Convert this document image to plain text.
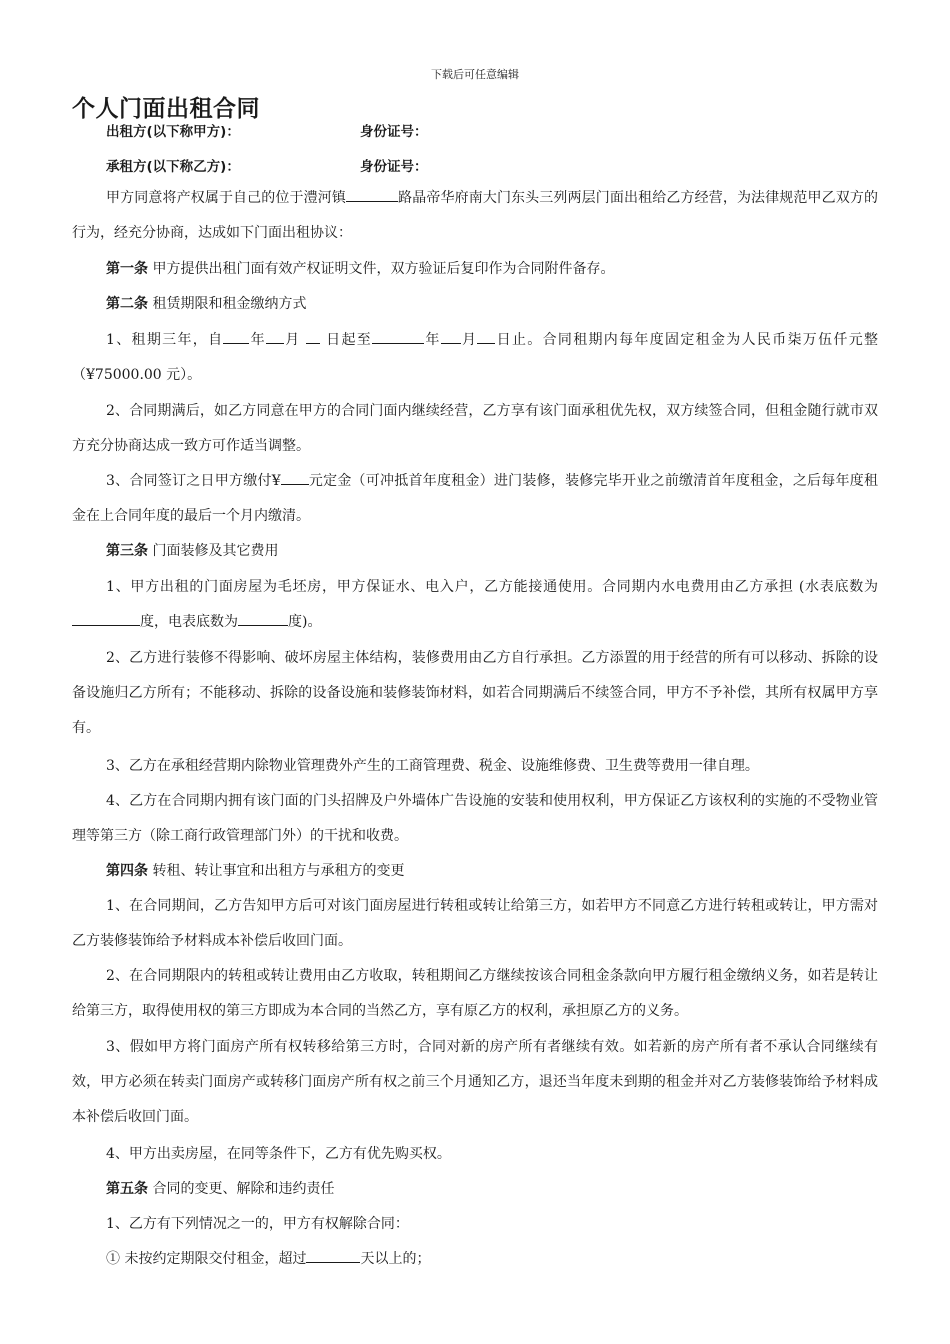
下载后可任意编辑
个人门面出租合同
出租方(以下称甲方)：	身份证号：
承租方(以下称乙方)：	身份证号：

甲方同意将产权属于自己的位于澧河镇	路晶帝华府南大门东头三列两层门面出租给乙方经营，为法律规范甲乙双方的行为，经充分协商，达成如下门面出租协议：

第一条 甲方提供出租门面有效产权证明文件，双方验证后复印作为合同附件备存。

第二条 租赁期限和租金缴纳方式

1、租期三年，自 年 月 日起至	年 月 日止。合同租期内每年度固定租金为人民币柒万伍仟元整（¥75000.00 元）。

2、合同期满后，如乙方同意在甲方的合同门面内继续经营，乙方享有该门面承租优先权，双方续签合同，但租金随行就市双方充分协商达成一致方可作适当调整。

3、合同签订之日甲方缴付¥ 元定金（可冲抵首年度租金）进门装修，装修完毕开业之前缴清首年度租金，之后每年度租金在上合同年度的最后一个月内缴清。

第三条 门面装修及其它费用

1、甲方出租的门面房屋为毛坯房，甲方保证水、电入户，乙方能接通使用。合同期内水电费用由乙方承担 (水表底数为度，电表底数为	度)。

2、乙方进行装修不得影响、破坏房屋主体结构，装修费用由乙方自行承担。乙方添置的用于经营的所有可以移动、拆除的设备设施归乙方所有；不能移动、拆除的设备设施和装修装饰材料，如若合同期满后不续签合同，甲方不予补偿，其所有权属甲方享有。

3、乙方在承租经营期内除物业管理费外产生的工商管理费、税金、设施维修费、卫生费等费用一律自理。

4、乙方在合同期内拥有该门面的门头招牌及户外墙体广告设施的安装和使用权利，甲方保证乙方该权利的实施的不受物业管理等第三方（除工商行政管理部门外）的干扰和收费。

第四条 转租、转让事宜和出租方与承租方的变更

1、在合同期间，乙方告知甲方后可对该门面房屋进行转租或转让给第三方，如若甲方不同意乙方进行转租或转让，甲方需对乙方装修装饰给予材料成本补偿后收回门面。

2、在合同期限内的转租或转让费用由乙方收取，转租期间乙方继续按该合同租金条款向甲方履行租金缴纳义务，如若是转让给第三方，取得使用权的第三方即成为本合同的当然乙方，享有原乙方的权利，承担原乙方的义务。

3、假如甲方将门面房产所有权转移给第三方时，合同对新的房产所有者继续有效。如若新的房产所有者不承认合同继续有效，甲方必须在转卖门面房产或转移门面房产所有权之前三个月通知乙方，退还当年度未到期的租金并对乙方装修装饰给予材料成本补偿后收回门面。

4、甲方出卖房屋，在同等条件下，乙方有优先购买权。

第五条 合同的变更、解除和违约责任

1、乙方有下列情况之一的，甲方有权解除合同：

① 未按约定期限交付租金，超过	天以上的；
